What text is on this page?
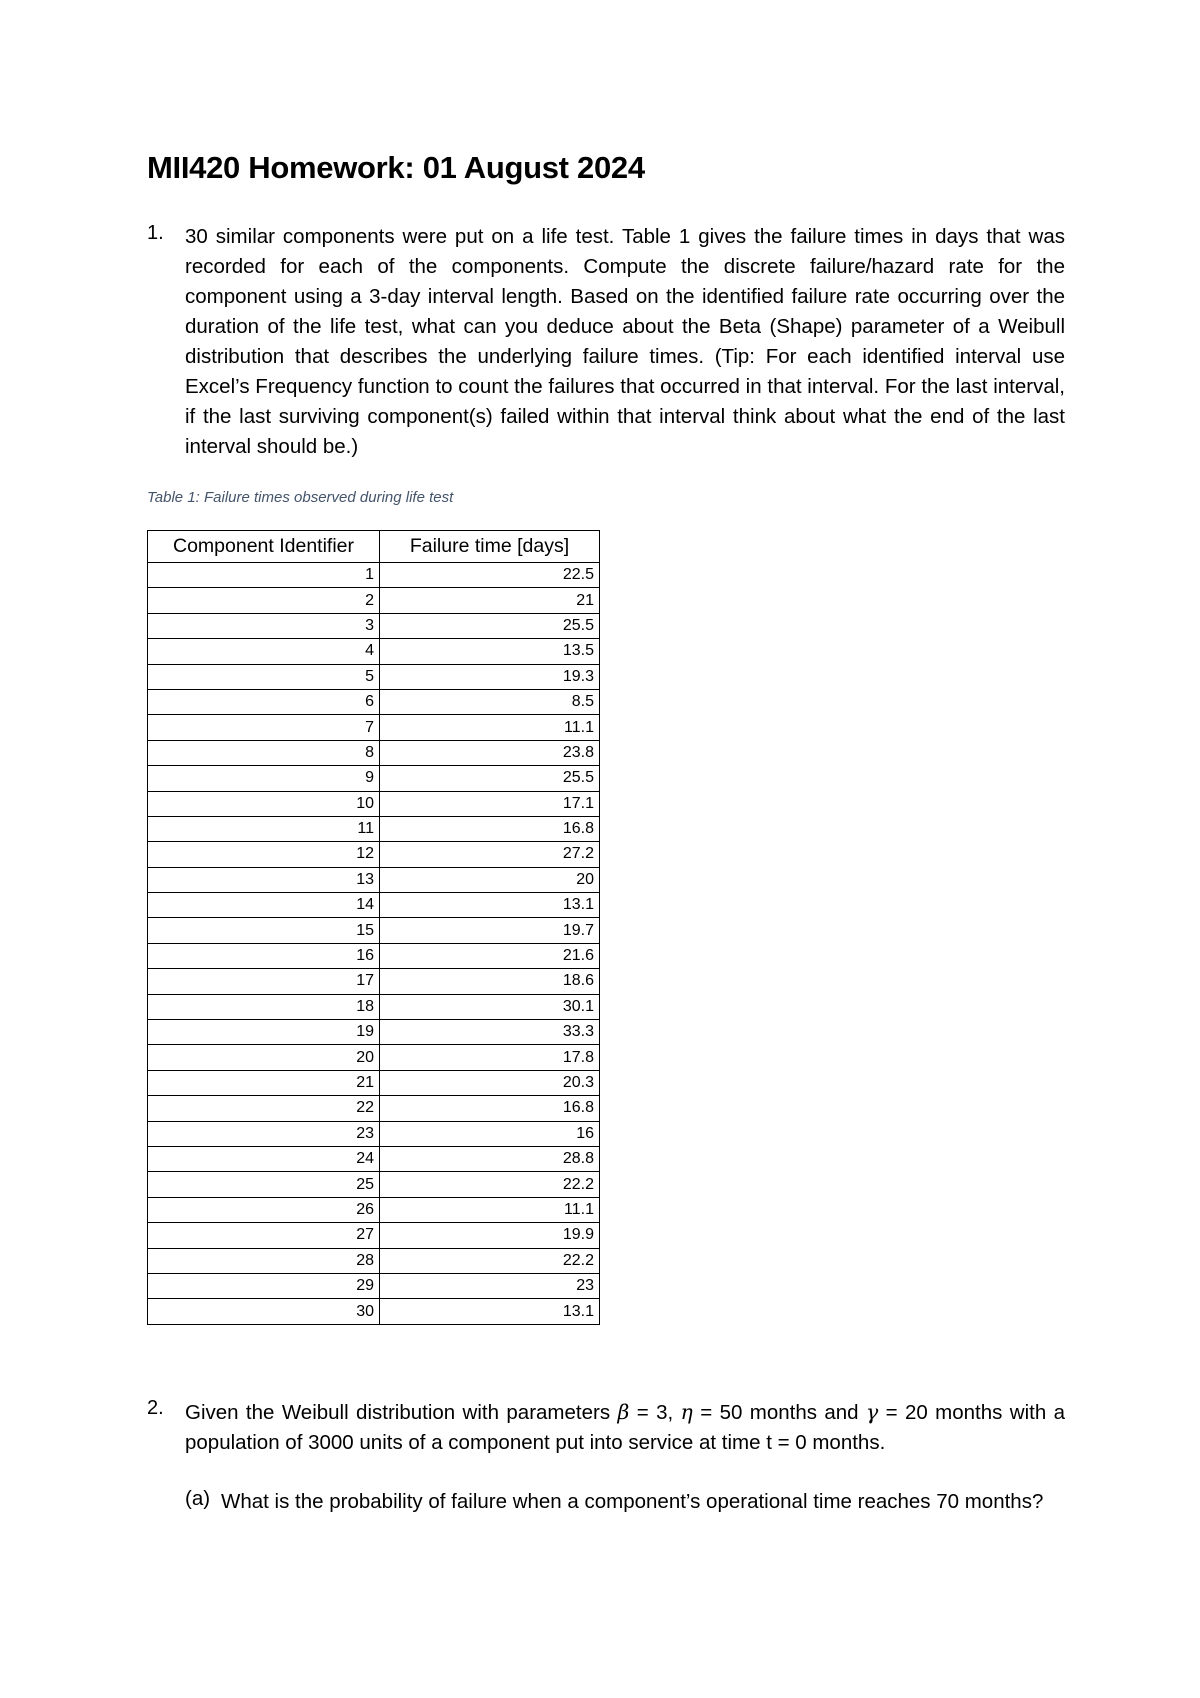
MII420 Homework: 01 August 2024
1. 30 similar components were put on a life test. Table 1 gives the failure times in days that was recorded for each of the components. Compute the discrete failure/hazard rate for the component using a 3-day interval length. Based on the identified failure rate occurring over the duration of the life test, what can you deduce about the Beta (Shape) parameter of a Weibull distribution that describes the underlying failure times. (Tip: For each identified interval use Excel’s Frequency function to count the failures that occurred in that interval. For the last interval, if the last surviving component(s) failed within that interval think about what the end of the last interval should be.)
Table 1: Failure times observed during life test
Component Identifier	Failure time [days]
1	22.5
2	21
3	25.5
4	13.5
5	19.3
6	8.5
7	11.1
8	23.8
9	25.5
10	17.1
11	16.8
12	27.2
13	20
14	13.1
15	19.7
16	21.6
17	18.6
18	30.1
19	33.3
20	17.8
21	20.3
22	16.8
23	16
24	28.8
25	22.2
26	11.1
27	19.9
28	22.2
29	23
30	13.1
2. Given the Weibull distribution with parameters β = 3, η = 50 months and γ = 20 months with a population of 3000 units of a component put into service at time t = 0 months.
(a) What is the probability of failure when a component’s operational time reaches 70 months?
